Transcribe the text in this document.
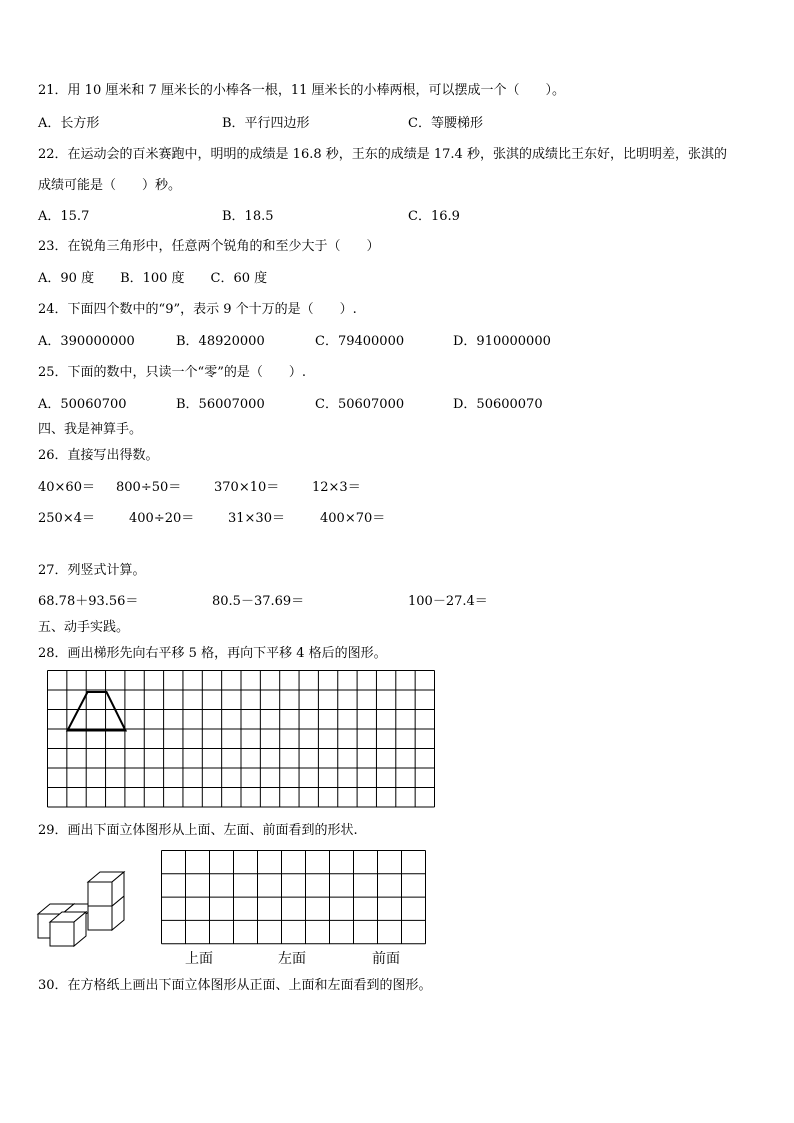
21．用 10 厘米和 7 厘米长的小棒各一根，11 厘米长的小棒两根，可以摆成一个（　　）。
A．长方形	B．平行四边形	C．等腰梯形
22．在运动会的百米赛跑中，明明的成绩是 16.8 秒，王东的成绩是 17.4 秒，张淇的成绩比王东好，比明明差，张淇的
成绩可能是（　　）秒。
A．15.7	B．18.5	C．16.9
23．在锐角三角形中，任意两个锐角的和至少大于（　　）
A．90 度　　B．100 度　　C．60 度
24．下面四个数中的“9”，表示 9 个十万的是（　　）.
A．390000000	B．48920000	C．79400000	D．910000000
25．下面的数中，只读一个“零”的是（　　）.
A．50060700	B．56007000	C．50607000	D．50600070
四、我是神算手。
26．直接写出得数。
40×60＝ 800÷50＝	370×10＝	12×3＝
250×4＝	400÷20＝	31×30＝	400×70＝
27．列竖式计算。
68.78＋93.56＝	80.5－37.69＝	100－27.4＝
五、动手实践。
28．画出梯形先向右平移 5 格，再向下平移 4 格后的图形。
29．画出下面立体图形从上面、左面、前面看到的形状.
上面	左面	前面
30．在方格纸上画出下面立体图形从正面、上面和左面看到的图形。
